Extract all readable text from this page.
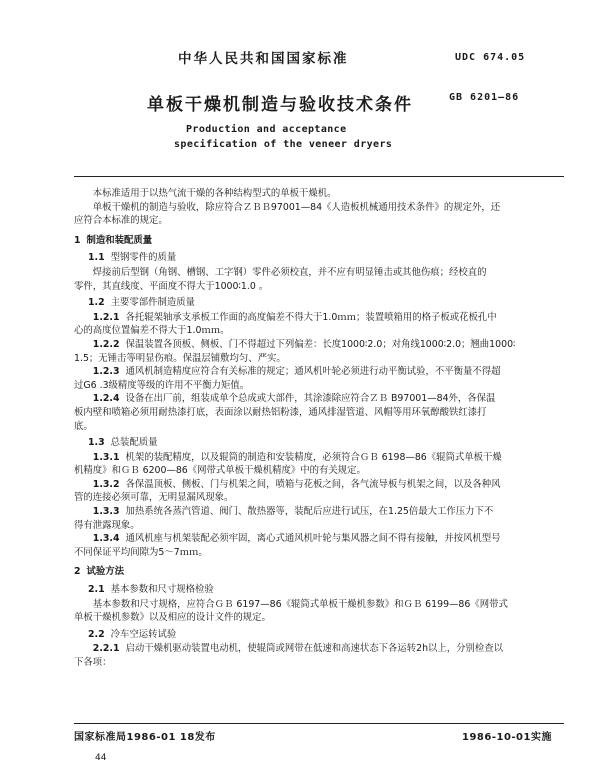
中华人民共和国国家标准	UDC 674.05
单板干燥机制造与验收技术条件	GB 6201—86
Production and acceptance
specification of the veneer dryers

本标准适用于以热气流干燥的各种结构型式的单板干燥机。

单板干燥机的制造与验收，除应符合ＺＢＢ97001—84《人造板机械通用技术条件》的规定外，还
应符合本标准的规定。

1 制造和装配质量
1.1 型钢零件的质量

焊接前后型钢（角钢、槽钢、工字钢）零件必须校直，并不应有明显锤击或其他伤痕；经校直的
零件，其直线度、平面度不得大于1000∶1.0 。

1.2 主要零部件制造质量

1.2.1 各托辊架轴承支承板工作面的高度偏差不得大于1.0ｍｍ；装置喷箱用的格子板或花板孔中
心的高度位置偏差不得大于1.0ｍｍ。

1.2.2 保温装置各顶板、侧板、门不得超过下列偏差：长度1000∶2.0；对角线1000∶2.0；翘曲1000∶
1.5；无锤击等明显伤痕。保温层铺敷均匀、严实。

1.2.3 通风机制造精度应符合有关标准的规定；通风机叶轮必须进行动平衡试验，不平衡量不得超
过G6 .3级精度等级的许用不平衡力矩值。

1.2.4 设备在出厂前，组装成单个总成或大部件，其涂漆除应符合ＺＢ B97001—84外，各保温
板内壁和喷箱必须用耐热漆打底，表面涂以耐热铝粉漆，通风排湿管道、风帽等用环氧醇酸铁红漆打
底。

1.3 总装配质量

1.3.1 机架的装配精度，以及辊筒的制造和安装精度，必须符合ＧＢ 6198—86《辊筒式单板干燥
机精度》和ＧＢ 6200—86《网带式单板干燥机精度》中的有关规定。

1.3.2 各保温顶板、侧板、门与机架之间，喷箱与花板之间，各气流导板与机架之间，以及各种风
管的连接必须可靠，无明显漏风现象。

1.3.3 加热系统各蒸汽管道、阀门、散热器等，装配后应进行试压，在1.25倍最大工作压力下不
得有泄露现象。

1.3.4 通风机座与机架装配必须牢固，离心式通风机叶轮与集风器之间不得有接触，并按风机型号
不同保证平均间隙为5～7ｍｍ。

2 试验方法
2.1 基本参数和尺寸规格检验

基本参数和尺寸规格，应符合ＧＢ 6197—86《辊筒式单板干燥机参数》和ＧＢ 6199—86《网带式
单板干燥机参数》以及相应的设计文件的规定。

2.2 冷车空运转试验

2.2.1 启动干燥机驱动装置电动机，使辊筒或网带在低速和高速状态下各运转2h以上，分别检查以
下各项：

国家标准局1986-01 18发布	1986-10-01实施
44
